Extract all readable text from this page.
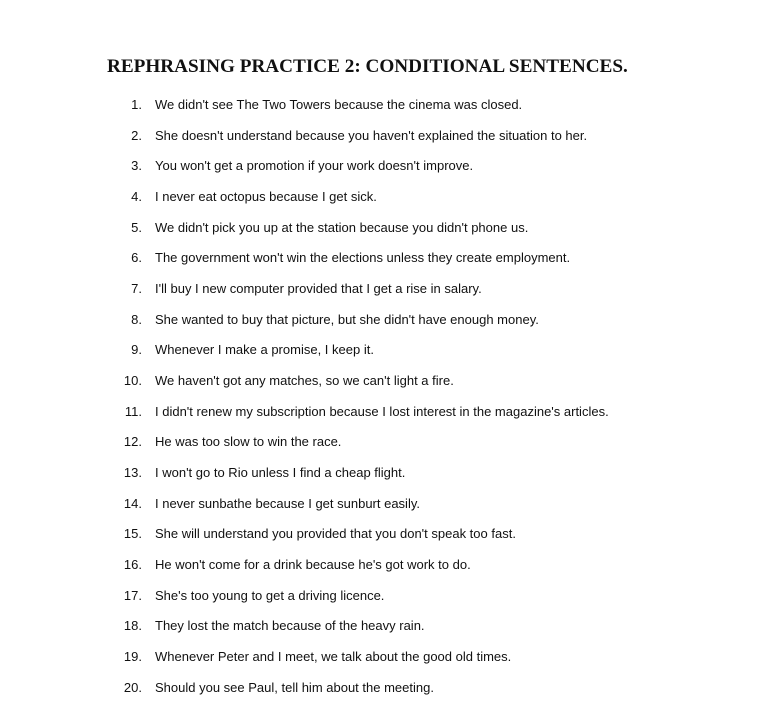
REPHRASING PRACTICE 2: CONDITIONAL SENTENCES.
1. We didn't see The Two Towers because the cinema was closed.
2. She doesn't understand because you haven't explained the situation to her.
3. You won't get a promotion if your work doesn't improve.
4. I never eat octopus because I get sick.
5. We didn't pick you up at the station because you didn't phone us.
6. The government won't win the elections unless they create employment.
7. I'll buy I new computer provided that I get a rise in salary.
8. She wanted to buy that picture, but she didn't have enough money.
9. Whenever I make a promise, I keep it.
10. We haven't got any matches, so we can't light a fire.
11. I didn't renew my subscription because I lost interest in the magazine's articles.
12. He was too slow to win the race.
13. I won't go to Rio unless I find a cheap flight.
14. I never sunbathe because I get sunburt easily.
15. She will understand you provided that you don't speak too fast.
16. He won't come for a drink because he's got work to do.
17. She's too young to get a driving licence.
18. They lost the match because of the heavy rain.
19. Whenever Peter and I meet, we talk about the good old times.
20. Should you see Paul, tell him about the meeting.
